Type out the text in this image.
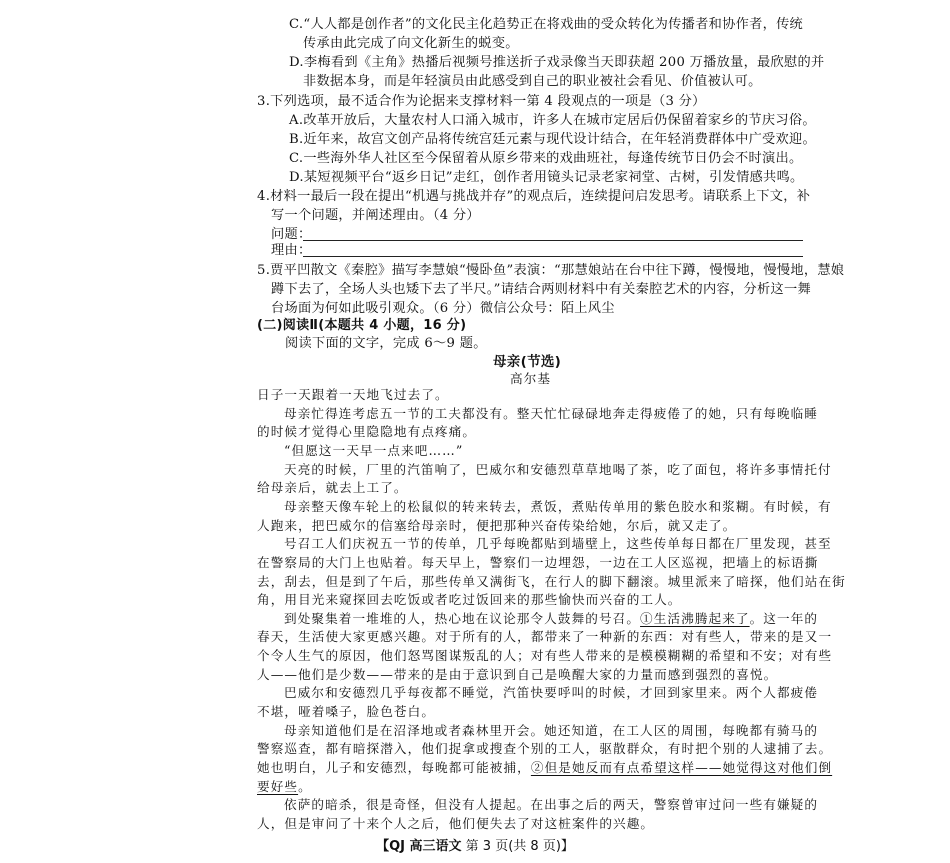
C.“人人都是创作者”的文化民主化趋势正在将戏曲的受众转化为传播者和协作者，传统
传承由此完成了向文化新生的蜕变。
D.李梅看到《主角》热播后视频号推送折子戏录像当天即获超 200 万播放量，最欣慰的并
非数据本身，而是年轻演员由此感受到自己的职业被社会看见、价值被认可。
3.下列选项，最不适合作为论据来支撑材料一第 4 段观点的一项是（3 分）
A.改革开放后，大量农村人口涌入城市，许多人在城市定居后仍保留着家乡的节庆习俗。
B.近年来，故宫文创产品将传统宫廷元素与现代设计结合，在年轻消费群体中广受欢迎。
C.一些海外华人社区至今保留着从原乡带来的戏曲班社，每逢传统节日仍会不时演出。
D.某短视频平台“返乡日记”走红，创作者用镜头记录老家祠堂、古树，引发情感共鸣。
4.材料一最后一段在提出“机遇与挑战并存”的观点后，连续提问启发思考。请联系上下文，补
写一个问题，并阐述理由。（4 分）
问题：
理由：
5.贾平凹散文《秦腔》描写李慧娘“慢卧鱼”表演：“那慧娘站在台中往下蹲，慢慢地，慢慢地，慧娘
蹲下去了，全场人头也矮下去了半尺。”请结合两则材料中有关秦腔艺术的内容，分析这一舞
台场面为何如此吸引观众。（6 分）微信公众号：陌上风尘
(二)阅读Ⅱ(本题共 4 小题，16 分)
阅读下面的文字，完成 6～9 题。
母亲(节选)
高尔基
日子一天跟着一天地飞过去了。
母亲忙得连考虑五一节的工夫都没有。整天忙忙碌碌地奔走得疲倦了的她，只有每晚临睡
的时候才觉得心里隐隐地有点疼痛。
“但愿这一天早一点来吧……”
天亮的时候，厂里的汽笛响了，巴威尔和安德烈草草地喝了茶，吃了面包，将许多事情托付
给母亲后，就去上工了。
母亲整天像车轮上的松鼠似的转来转去，煮饭，煮贴传单用的紫色胶水和浆糊。有时候，有
人跑来，把巴威尔的信塞给母亲时，便把那种兴奋传染给她，尔后，就又走了。
号召工人们庆祝五一节的传单，几乎每晚都贴到墙壁上，这些传单每日都在厂里发现，甚至
在警察局的大门上也贴着。每天早上，警察们一边埋怨，一边在工人区巡视，把墙上的标语撕
去，刮去，但是到了午后，那些传单又满街飞，在行人的脚下翻滚。城里派来了暗探，他们站在街
角，用目光来窥探回去吃饭或者吃过饭回来的那些愉快而兴奋的工人。
到处聚集着一堆堆的人，热心地在议论那令人鼓舞的号召。①生活沸腾起来了。这一年的
春天，生活使大家更感兴趣。对于所有的人，都带来了一种新的东西：对有些人，带来的是又一
个令人生气的原因，他们怒骂图谋叛乱的人；对有些人带来的是模模糊糊的希望和不安；对有些
人——他们是少数——带来的是由于意识到自己是唤醒大家的力量而感到强烈的喜悦。
巴威尔和安德烈几乎每夜都不睡觉，汽笛快要呼叫的时候，才回到家里来。两个人都疲倦
不堪，哑着嗓子，脸色苍白。
母亲知道他们是在沼泽地或者森林里开会。她还知道，在工人区的周围，每晚都有骑马的
警察巡查，都有暗探潜入，他们捉拿或搜查个别的工人，驱散群众，有时把个别的人逮捕了去。
【QJ 高三语文 第 3 页(共 8 页)】
她也明白，儿子和安德烈，每晚都可能被捕，②但是她反而有点希望这样——她觉得这对他们倒
要好些。
依萨的暗杀，很是奇怪，但没有人提起。在出事之后的两天，警察曾审过问一些有嫌疑的
人，但是审问了十来个人之后，他们便失去了对这桩案件的兴趣。
